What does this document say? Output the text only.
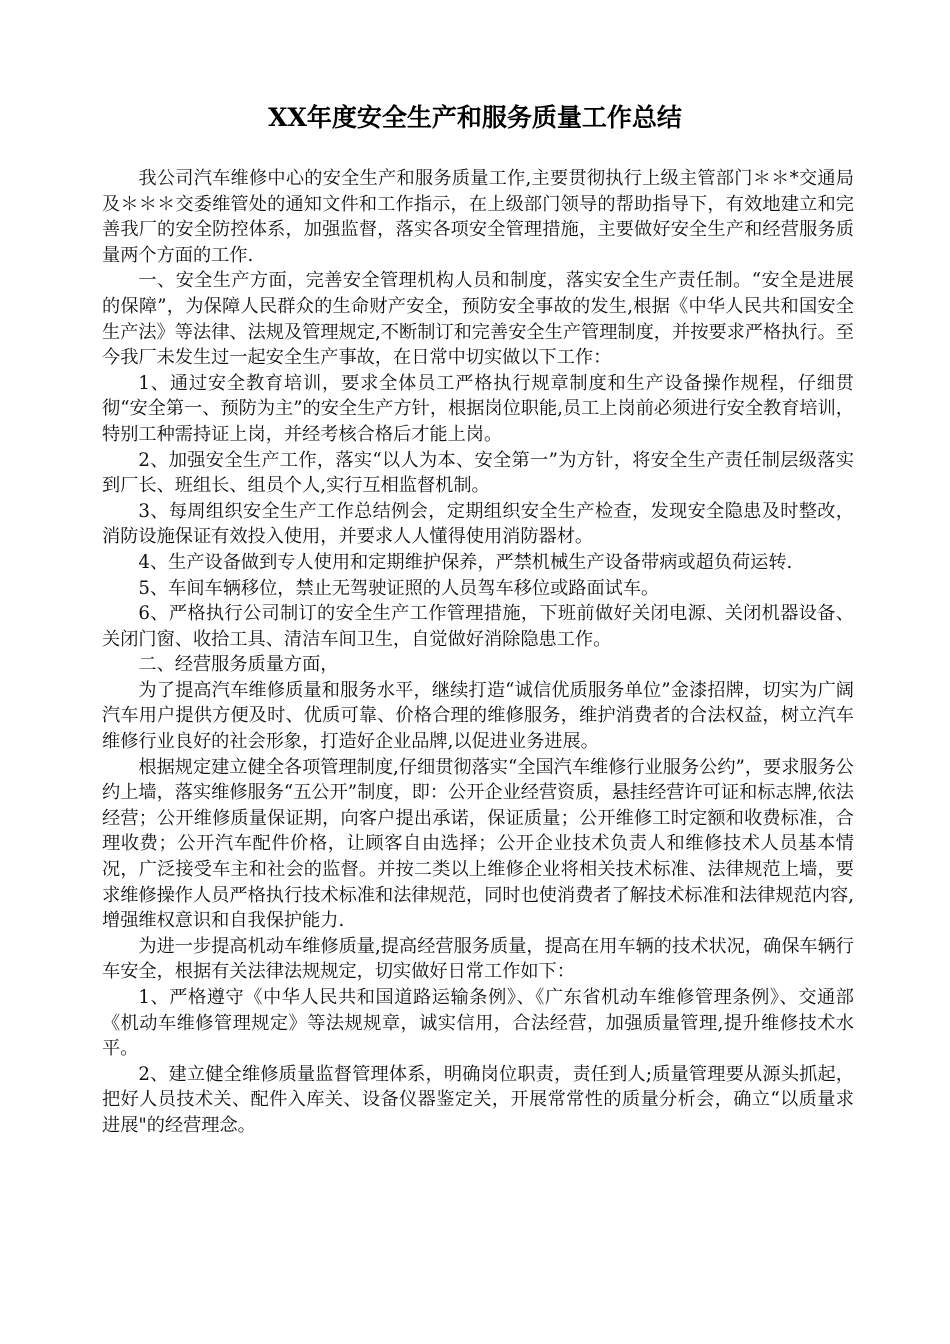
XX年度安全生产和服务质量工作总结

我公司汽车维修中心的安全生产和服务质量工作,主要贯彻执行上级主管部门＊＊*交通局及＊＊＊交委维管处的通知文件和工作指示，在上级部门领导的帮助指导下，有效地建立和完善我厂的安全防控体系，加强监督，落实各项安全管理措施，主要做好安全生产和经营服务质量两个方面的工作.

一、安全生产方面，完善安全管理机构人员和制度，落实安全生产责任制。“安全是进展的保障”，为保障人民群众的生命财产安全，预防安全事故的发生,根据《中华人民共和国安全生产法》等法律、法规及管理规定,不断制订和完善安全生产管理制度，并按要求严格执行。至今我厂未发生过一起安全生产事故，在日常中切实做以下工作：

1、通过安全教育培训，要求全体员工严格执行规章制度和生产设备操作规程，仔细贯彻“安全第一、预防为主”的安全生产方针，根据岗位职能,员工上岗前必须进行安全教育培训，特别工种需持证上岗，并经考核合格后才能上岗。

2、加强安全生产工作，落实“以人为本、安全第一”为方针，将安全生产责任制层级落实到厂长、班组长、组员个人,实行互相监督机制。

3、每周组织安全生产工作总结例会，定期组织安全生产检查，发现安全隐患及时整改，消防设施保证有效投入使用，并要求人人懂得使用消防器材。

4、生产设备做到专人使用和定期维护保养，严禁机械生产设备带病或超负荷运转.

5、车间车辆移位，禁止无驾驶证照的人员驾车移位或路面试车。

6、严格执行公司制订的安全生产工作管理措施，下班前做好关闭电源、关闭机器设备、关闭门窗、收拾工具、清洁车间卫生，自觉做好消除隐患工作。

二、经营服务质量方面，

为了提高汽车维修质量和服务水平，继续打造“诚信优质服务单位”金漆招牌，切实为广阔汽车用户提供方便及时、优质可靠、价格合理的维修服务，维护消费者的合法权益，树立汽车维修行业良好的社会形象，打造好企业品牌,以促进业务进展。

根据规定建立健全各项管理制度,仔细贯彻落实“全国汽车维修行业服务公约”，要求服务公约上墙，落实维修服务“五公开”制度，即：公开企业经营资质，悬挂经营许可证和标志牌,依法经营；公开维修质量保证期，向客户提出承诺，保证质量；公开维修工时定额和收费标准，合理收费；公开汽车配件价格，让顾客自由选择；公开企业技术负责人和维修技术人员基本情况，广泛接受车主和社会的监督。并按二类以上维修企业将相关技术标准、法律规范上墙，要求维修操作人员严格执行技术标准和法律规范，同时也使消费者了解技术标准和法律规范内容,增强维权意识和自我保护能力.

为进一步提高机动车维修质量,提高经营服务质量，提高在用车辆的技术状况，确保车辆行车安全，根据有关法律法规规定，切实做好日常工作如下：

1、严格遵守《中华人民共和国道路运输条例》、《广东省机动车维修管理条例》、交通部《机动车维修管理规定》等法规规章，诚实信用，合法经营，加强质量管理,提升维修技术水平。

2、建立健全维修质量监督管理体系，明确岗位职责，责任到人;质量管理要从源头抓起，把好人员技术关、配件入库关、设备仪器鉴定关，开展常常性的质量分析会，确立“以质量求进展"的经营理念。
